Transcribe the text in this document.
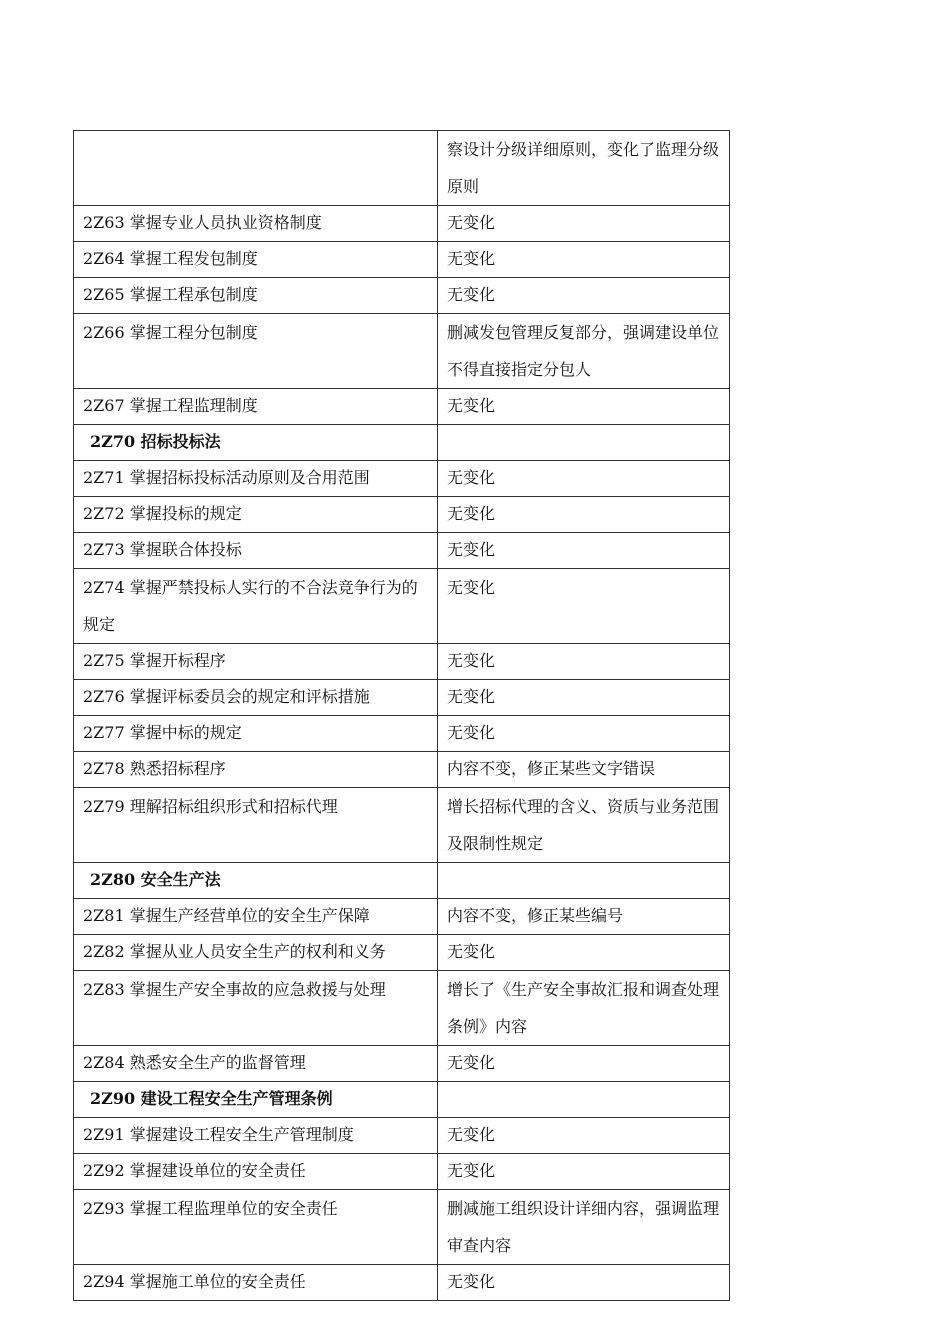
	察设计分级详细原则，变化了监理分级原则

2Z63 掌握专业人员执业资格制度	无变化
2Z64 掌握工程发包制度	无变化
2Z65 掌握工程承包制度	无变化

2Z66 掌握工程分包制度	删减发包管理反复部分，强调建设单位不得直接指定分包人

2Z67 掌握工程监理制度	无变化
2Z70 招标投标法	
2Z71 掌握招标投标活动原则及合用范围	无变化
2Z72 掌握投标的规定	无变化
2Z73 掌握联合体投标	无变化

2Z74 掌握严禁投标人实行的不合法竞争行为的规定	无变化

2Z75 掌握开标程序	无变化
2Z76 掌握评标委员会的规定和评标措施	无变化
2Z77 掌握中标的规定	无变化
2Z78 熟悉招标程序	内容不变，修正某些文字错误

2Z79 理解招标组织形式和招标代理	增长招标代理的含义、资质与业务范围及限制性规定

2Z80 安全生产法	
2Z81 掌握生产经营单位的安全生产保障	内容不变，修正某些编号
2Z82 掌握从业人员安全生产的权利和义务	无变化

2Z83 掌握生产安全事故的应急救援与处理	增长了《生产安全事故汇报和调查处理条例》内容

2Z84 熟悉安全生产的监督管理	无变化
2Z90 建设工程安全生产管理条例	
2Z91 掌握建设工程安全生产管理制度	无变化
2Z92 掌握建设单位的安全责任	无变化

2Z93 掌握工程监理单位的安全责任	删减施工组织设计详细内容，强调监理审查内容

2Z94 掌握施工单位的安全责任	无变化
